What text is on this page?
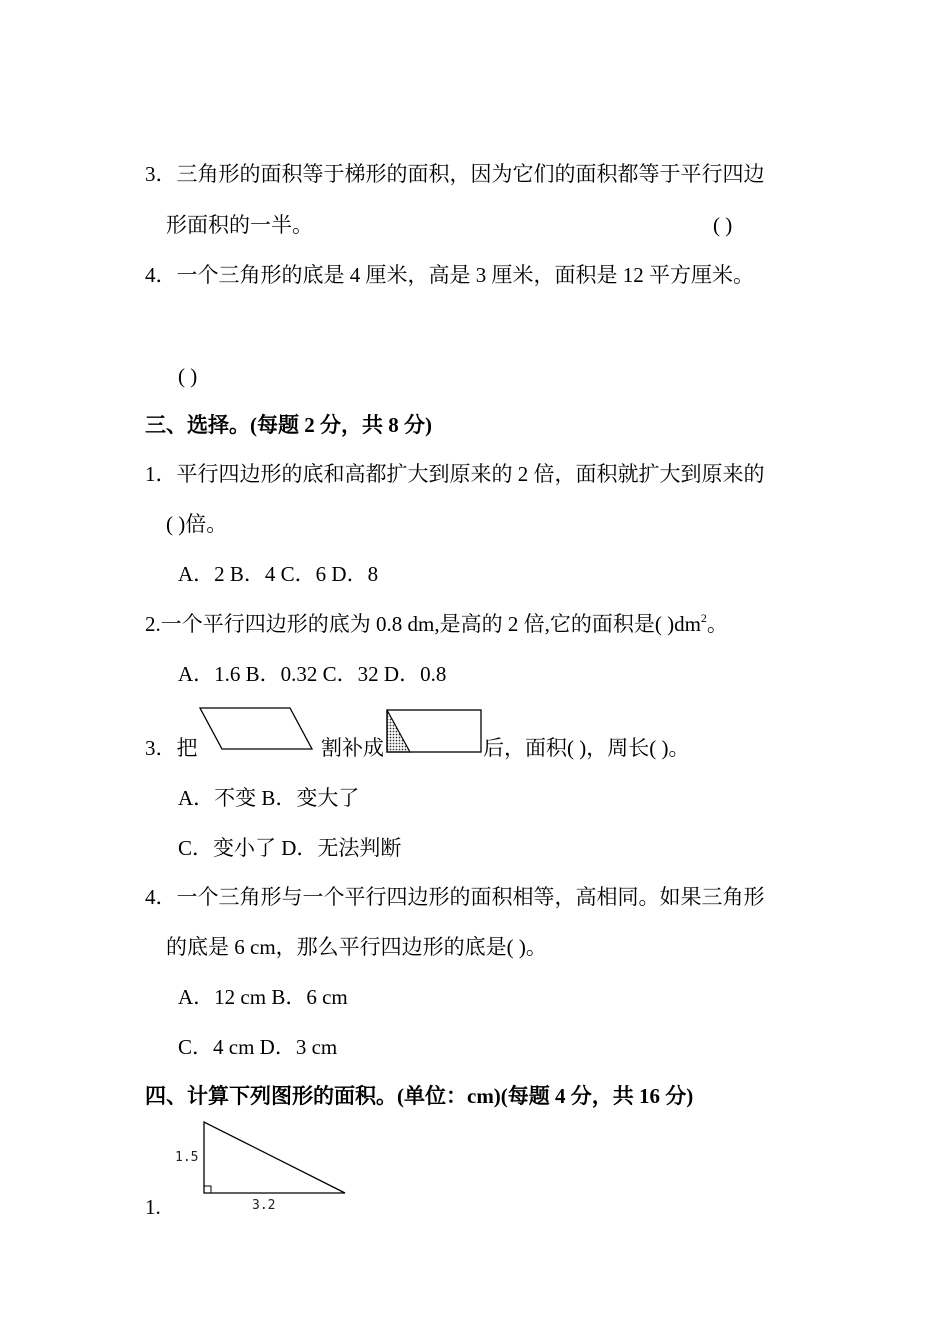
3．三角形的面积等于梯形的面积，因为它们的面积都等于平行四边
形面积的一半。	( )
4．一个三角形的底是 4 厘米，高是 3 厘米，面积是 12 平方厘米。
( )
三、选择。(每题 2 分，共 8 分)
1．平行四边形的底和高都扩大到原来的 2 倍，面积就扩大到原来的
( )倍。
A．2 B．4 C．6 D．8
2.一个平行四边形的底为 0.8 dm,是高的 2 倍,它的面积是( )$dm^2$。
A．1.6 B．0.32 C．32 D．0.8
3．把	割补成	后，面积( )，周长( )。
A．不变 B．变大了
C．变小了 D．无法判断
4．一个三角形与一个平行四边形的面积相等，高相同。如果三角形
的底是 6 cm，那么平行四边形的底是( )。
A．12 cm B．6 cm
C．4 cm D．3 cm
四、计算下列图形的面积。(单位：cm)(每题 4 分，共 16 分)
1.
1.5
3.2
